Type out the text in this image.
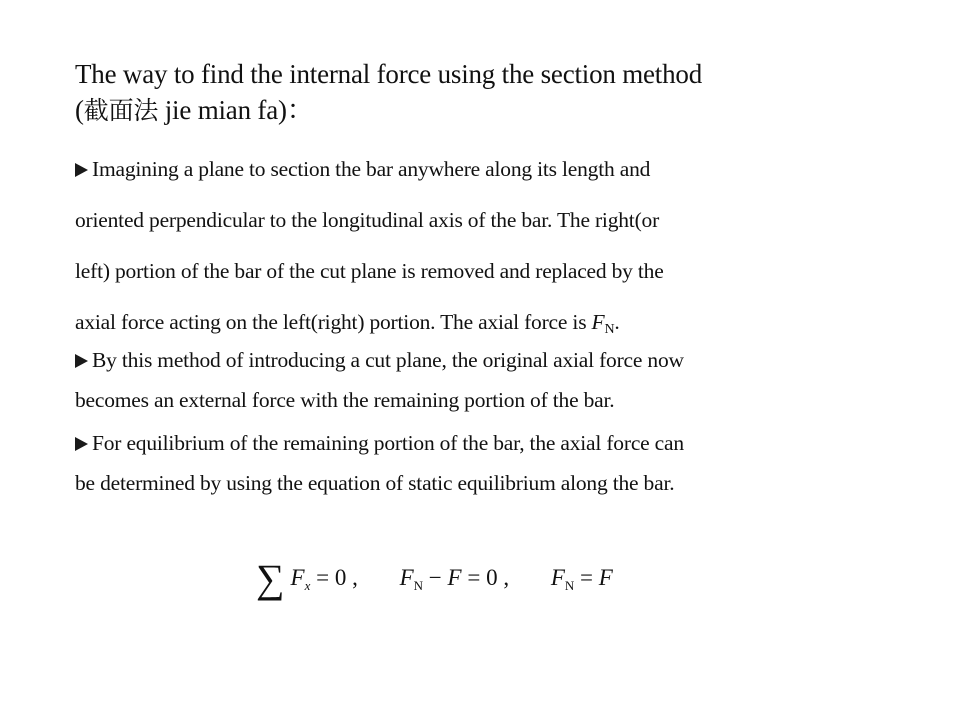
The way to find the internal force using the section method
(截面法 jie mian fa)：
Imagining a plane to section the bar anywhere along its length and
oriented perpendicular to the longitudinal axis of the bar. The right(or
left) portion of the bar of the cut plane is removed and replaced by the
axial force acting on the left(right) portion. The axial force is $F_N$.
By this method of introducing a cut plane, the original axial force now
becomes an external force with the remaining portion of the bar.
For equilibrium of the remaining portion of the bar, the axial force can
be determined by using the equation of static equilibrium along the bar.
∑ $F_x = 0$ , $F_N - F = 0$ , $F_N = F$
